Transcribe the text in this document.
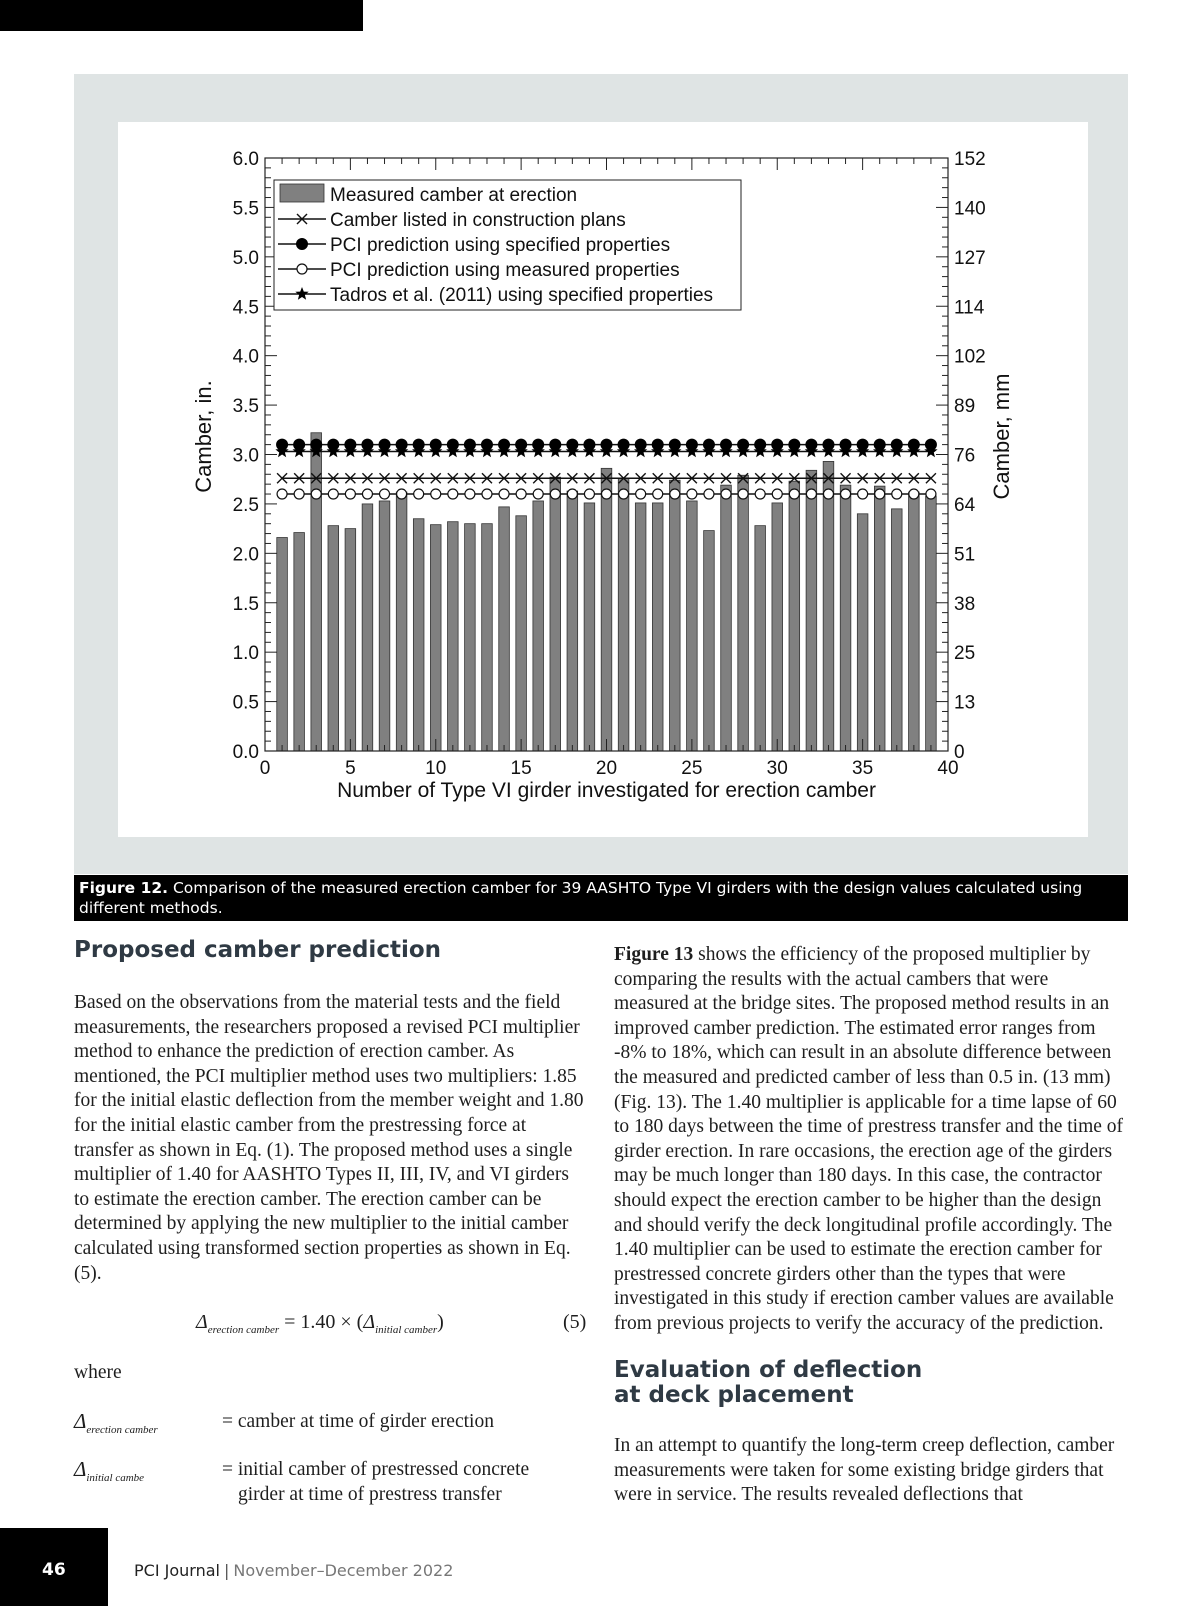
0.0
0.5
1.0
1.5
2.0
2.5
3.0
3.5
4.0
4.5
5.0
5.5
6.0
0
13
25
38
51
64
76
89
102
114
127
140
152
0	5	10	15	20	25	30	35	40
Number of Type VI girder investigated for erection camber
Camber, in.	Camber, mm
Measured camber at erection
Camber listed in construction plans
PCI prediction using specified properties
PCI prediction using measured properties
Tadros et al. (2011) using specified properties
Figure 12. Comparison of the measured erection camber for 39 AASHTO Type VI girders with the design values calculated using different methods.
Proposed camber prediction

Based on the observations from the material tests and the field measurements, the researchers proposed a revised PCI multiplier method to enhance the prediction of erection camber. As mentioned, the PCI multiplier method uses two multipliers: 1.85 for the initial elastic deflection from the member weight and 1.80 for the initial elastic camber from the prestressing force at transfer as shown in Eq. (1). The proposed method uses a single multiplier of 1.40 for AASHTO Types II, III, IV, and VI girders to estimate the erection camber. The erection camber can be determined by applying the new multiplier to the initial camber calculated using transformed section properties as shown in Eq. (5).

$\Delta_{erection camber} = 1.40 \times (\Delta_{initial camber})$	(5)
where
$\Delta_{erection camber}$	= camber at time of girder erection
$\Delta_{initial cambe}$	= initial camber of prestressed concrete
girder at time of prestress transfer

Figure 13 shows the efficiency of the proposed multiplier by comparing the results with the actual cambers that were measured at the bridge sites. The proposed method results in an improved camber prediction. The estimated error ranges from -8% to 18%, which can result in an absolute difference between the measured and predicted camber of less than 0.5 in. (13 mm) (Fig. 13). The 1.40 multiplier is applicable for a time lapse of 60 to 180 days between the time of prestress transfer and the time of girder erection. In rare occasions, the erection age of the girders may be much longer than 180 days. In this case, the contractor should expect the erection camber to be higher than the design and should verify the deck longitudinal profile accordingly. The 1.40 multiplier can be used to estimate the erection camber for prestressed concrete girders other than the types that were investigated in this study if erection camber values are available from previous projects to verify the accuracy of the prediction.

Evaluation of deflection
at deck placement

In an attempt to quantify the long-term creep deflection, camber measurements were taken for some existing bridge girders that were in service. The results revealed deflections that

46	PCI Journal | November–December 2022
